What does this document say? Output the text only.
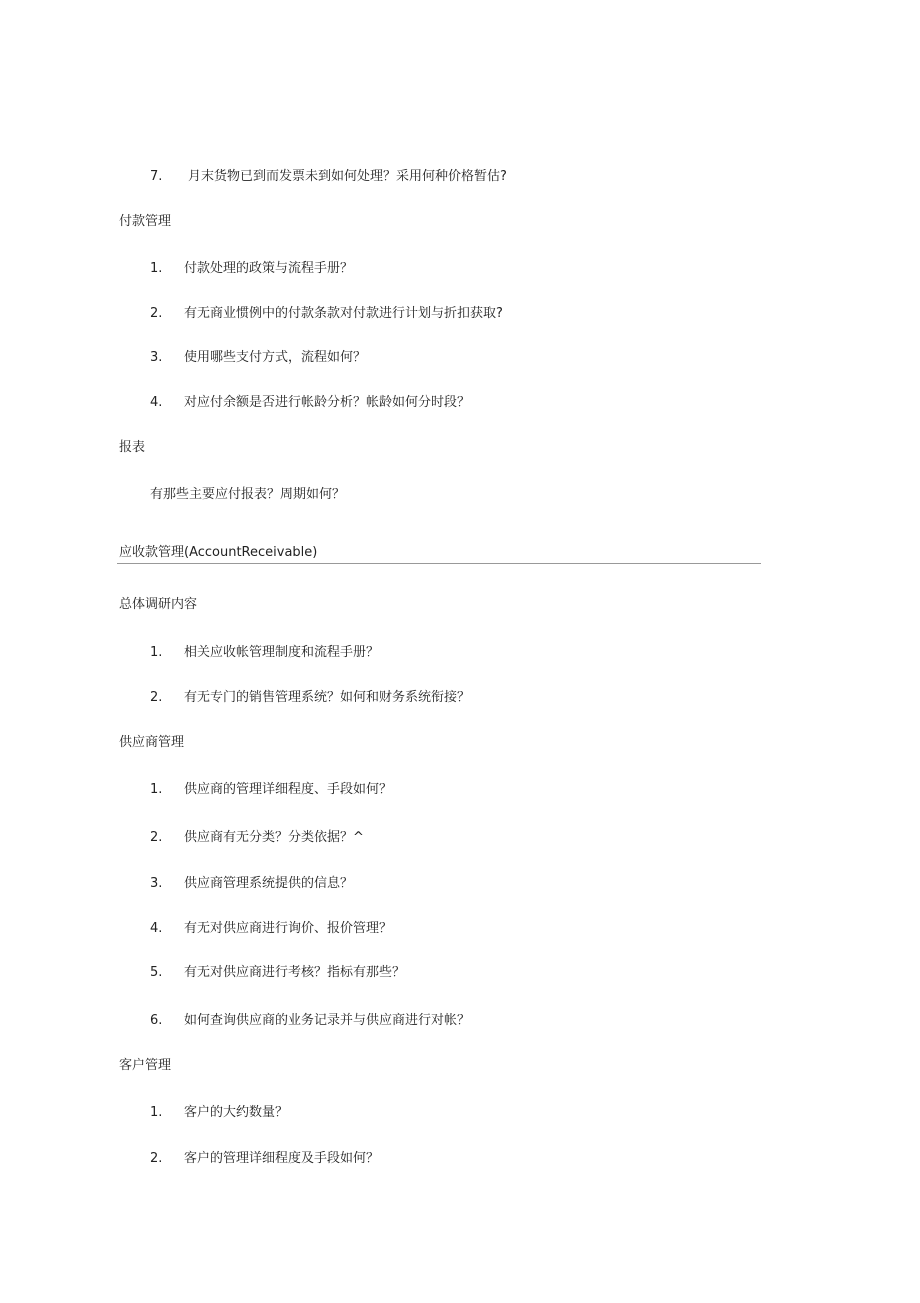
7. 月末货物已到而发票未到如何处理？采用何种价格暂估?
付款管理
1. 付款处理的政策与流程手册？
2. 有无商业惯例中的付款条款对付款进行计划与折扣获取?
3. 使用哪些支付方式，流程如何？
4. 对应付余额是否进行帐龄分析？帐龄如何分时段？
报表
有那些主要应付报表？周期如何？
应收款管理(AccountReceivable)
总体调研内容
1. 相关应收帐管理制度和流程手册？
2. 有无专门的销售管理系统？如何和财务系统衔接？
供应商管理
1. 供应商的管理详细程度、手段如何？
2. 供应商有无分类？分类依据？^
3. 供应商管理系统提供的信息？
4. 有无对供应商进行询价、报价管理？
5. 有无对供应商进行考核？指标有那些？
6. 如何查询供应商的业务记录并与供应商进行对帐？
客户管理
1. 客户的大约数量？
2. 客户的管理详细程度及手段如何？
